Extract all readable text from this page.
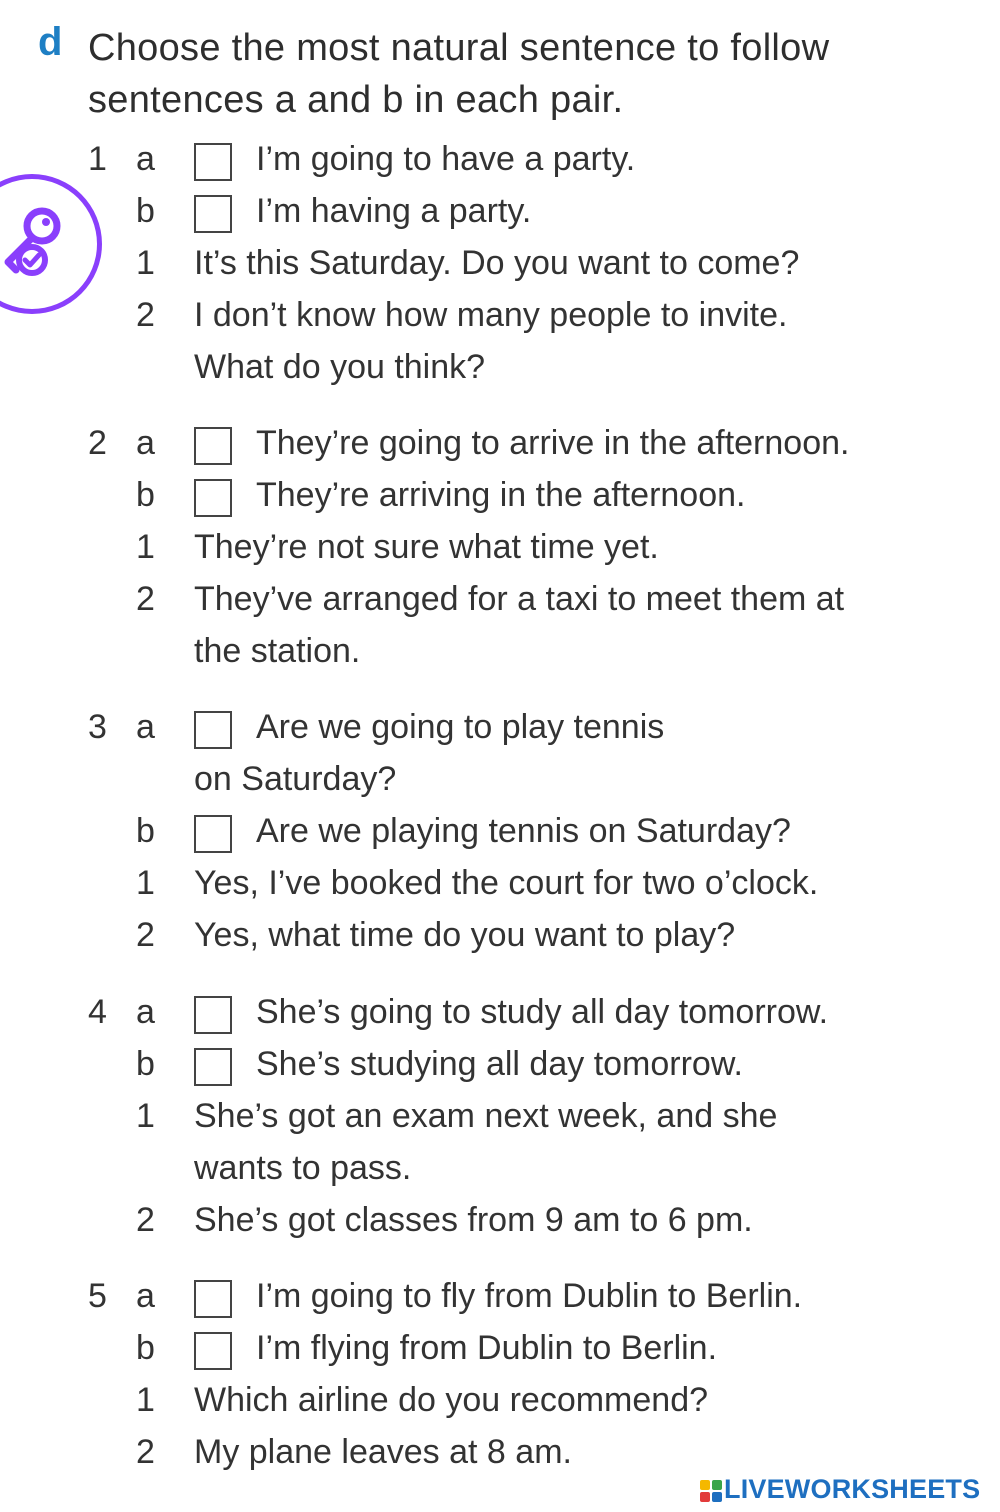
d Choose the most natural sentence to follow
sentences a and b in each pair.
1 a	I’m going to have a party.
b	I’m having a party.
1 It’s this Saturday. Do you want to come?
2 I don’t know how many people to invite.
What do you think?
2 a	They’re going to arrive in the afternoon.
b	They’re arriving in the afternoon.
1 They’re not sure what time yet.
2 They’ve arranged for a taxi to meet them at
the station.
3 a	Are we going to play tennis
on Saturday?
b	Are we playing tennis on Saturday?
1 Yes, I’ve booked the court for two o’clock.
2 Yes, what time do you want to play?
4 a	She’s going to study all day tomorrow.
b	She’s studying all day tomorrow.
1 She’s got an exam next week, and she
wants to pass.
2 She’s got classes from 9 am to 6 pm.
5 a	I’m going to fly from Dublin to Berlin.
b	I’m flying from Dublin to Berlin.
1 Which airline do you recommend?
2 My plane leaves at 8 am.
LIVEWORKSHEETS
